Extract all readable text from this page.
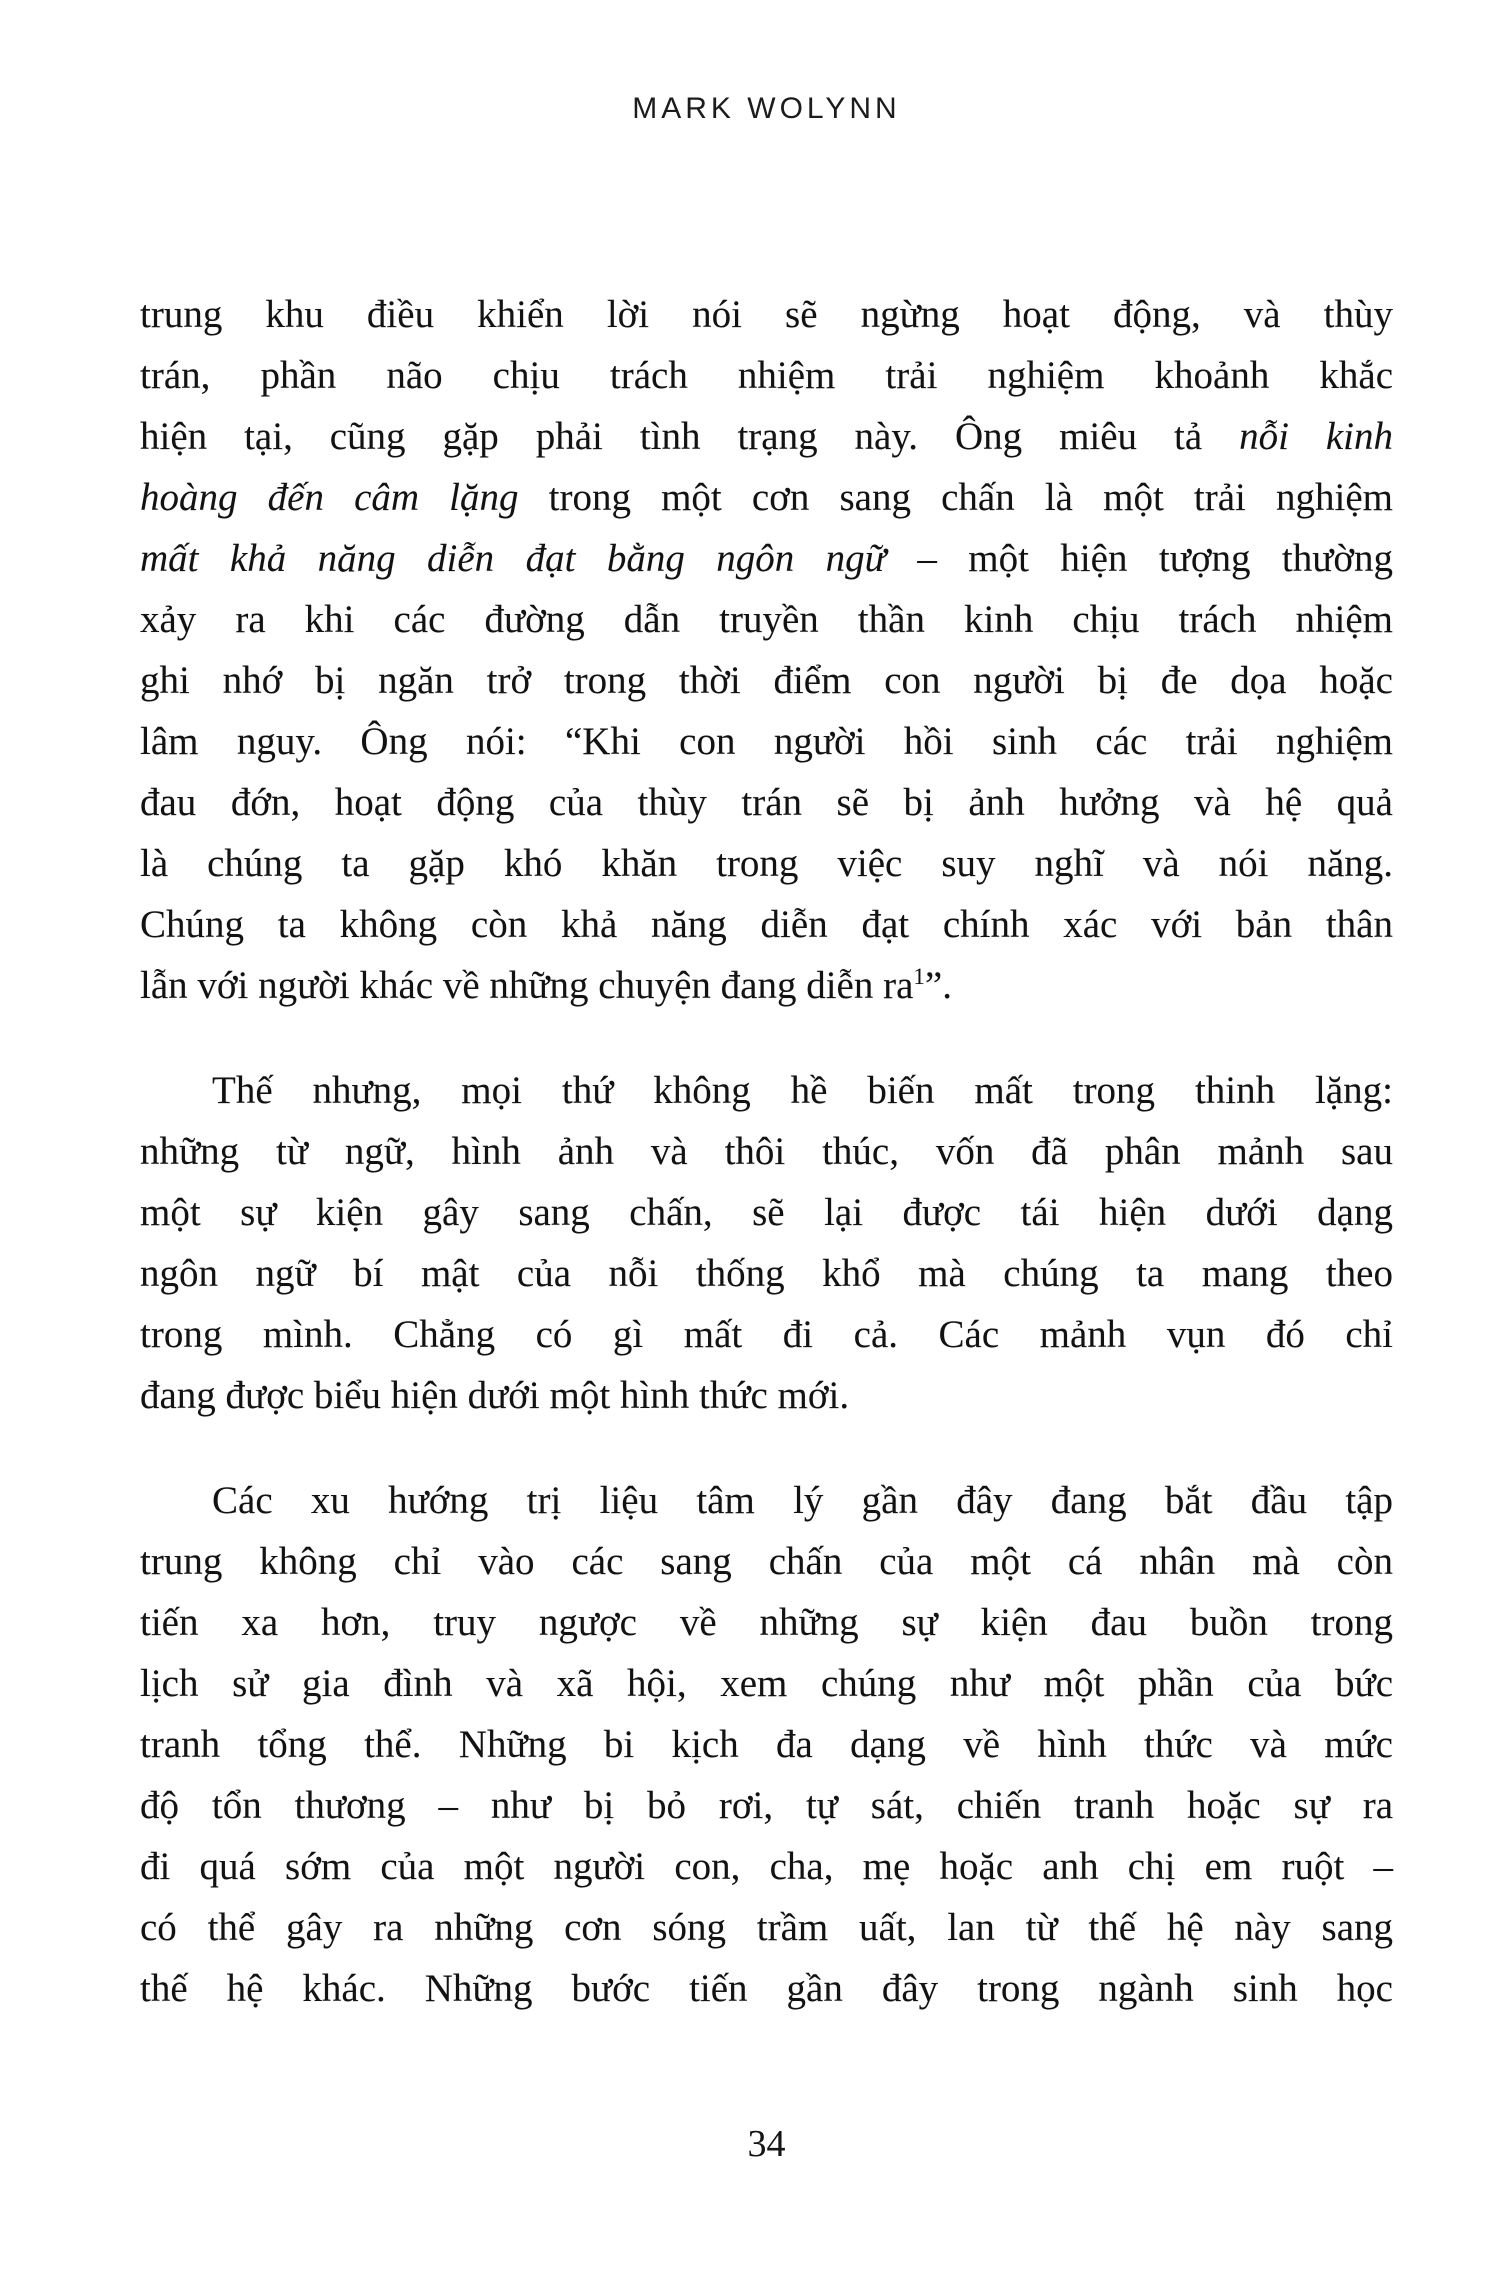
MARK WOLYNN
trung khu điều khiển lời nói sẽ ngừng hoạt động, và thùy
trán, phần não chịu trách nhiệm trải nghiệm khoảnh khắc
hiện tại, cũng gặp phải tình trạng này. Ông miêu tả nỗi kinh
hoàng đến câm lặng trong một cơn sang chấn là một trải nghiệm
mất khả năng diễn đạt bằng ngôn ngữ – một hiện tượng thường
xảy ra khi các đường dẫn truyền thần kinh chịu trách nhiệm
ghi nhớ bị ngăn trở trong thời điểm con người bị đe dọa hoặc
lâm nguy. Ông nói: “Khi con người hồi sinh các trải nghiệm
đau đớn, hoạt động của thùy trán sẽ bị ảnh hưởng và hệ quả
là chúng ta gặp khó khăn trong việc suy nghĩ và nói năng.
Chúng ta không còn khả năng diễn đạt chính xác với bản thân
lẫn với người khác về những chuyện đang diễn $ra^1$”.
Thế nhưng, mọi thứ không hề biến mất trong thinh lặng:
những từ ngữ, hình ảnh và thôi thúc, vốn đã phân mảnh sau
một sự kiện gây sang chấn, sẽ lại được tái hiện dưới dạng
ngôn ngữ bí mật của nỗi thống khổ mà chúng ta mang theo
trong mình. Chẳng có gì mất đi cả. Các mảnh vụn đó chỉ
đang được biểu hiện dưới một hình thức mới.
Các xu hướng trị liệu tâm lý gần đây đang bắt đầu tập
trung không chỉ vào các sang chấn của một cá nhân mà còn
tiến xa hơn, truy ngược về những sự kiện đau buồn trong
lịch sử gia đình và xã hội, xem chúng như một phần của bức
tranh tổng thể. Những bi kịch đa dạng về hình thức và mức
độ tổn thương – như bị bỏ rơi, tự sát, chiến tranh hoặc sự ra
đi quá sớm của một người con, cha, mẹ hoặc anh chị em ruột –
có thể gây ra những cơn sóng trầm uất, lan từ thế hệ này sang
thế hệ khác. Những bước tiến gần đây trong ngành sinh học
34
